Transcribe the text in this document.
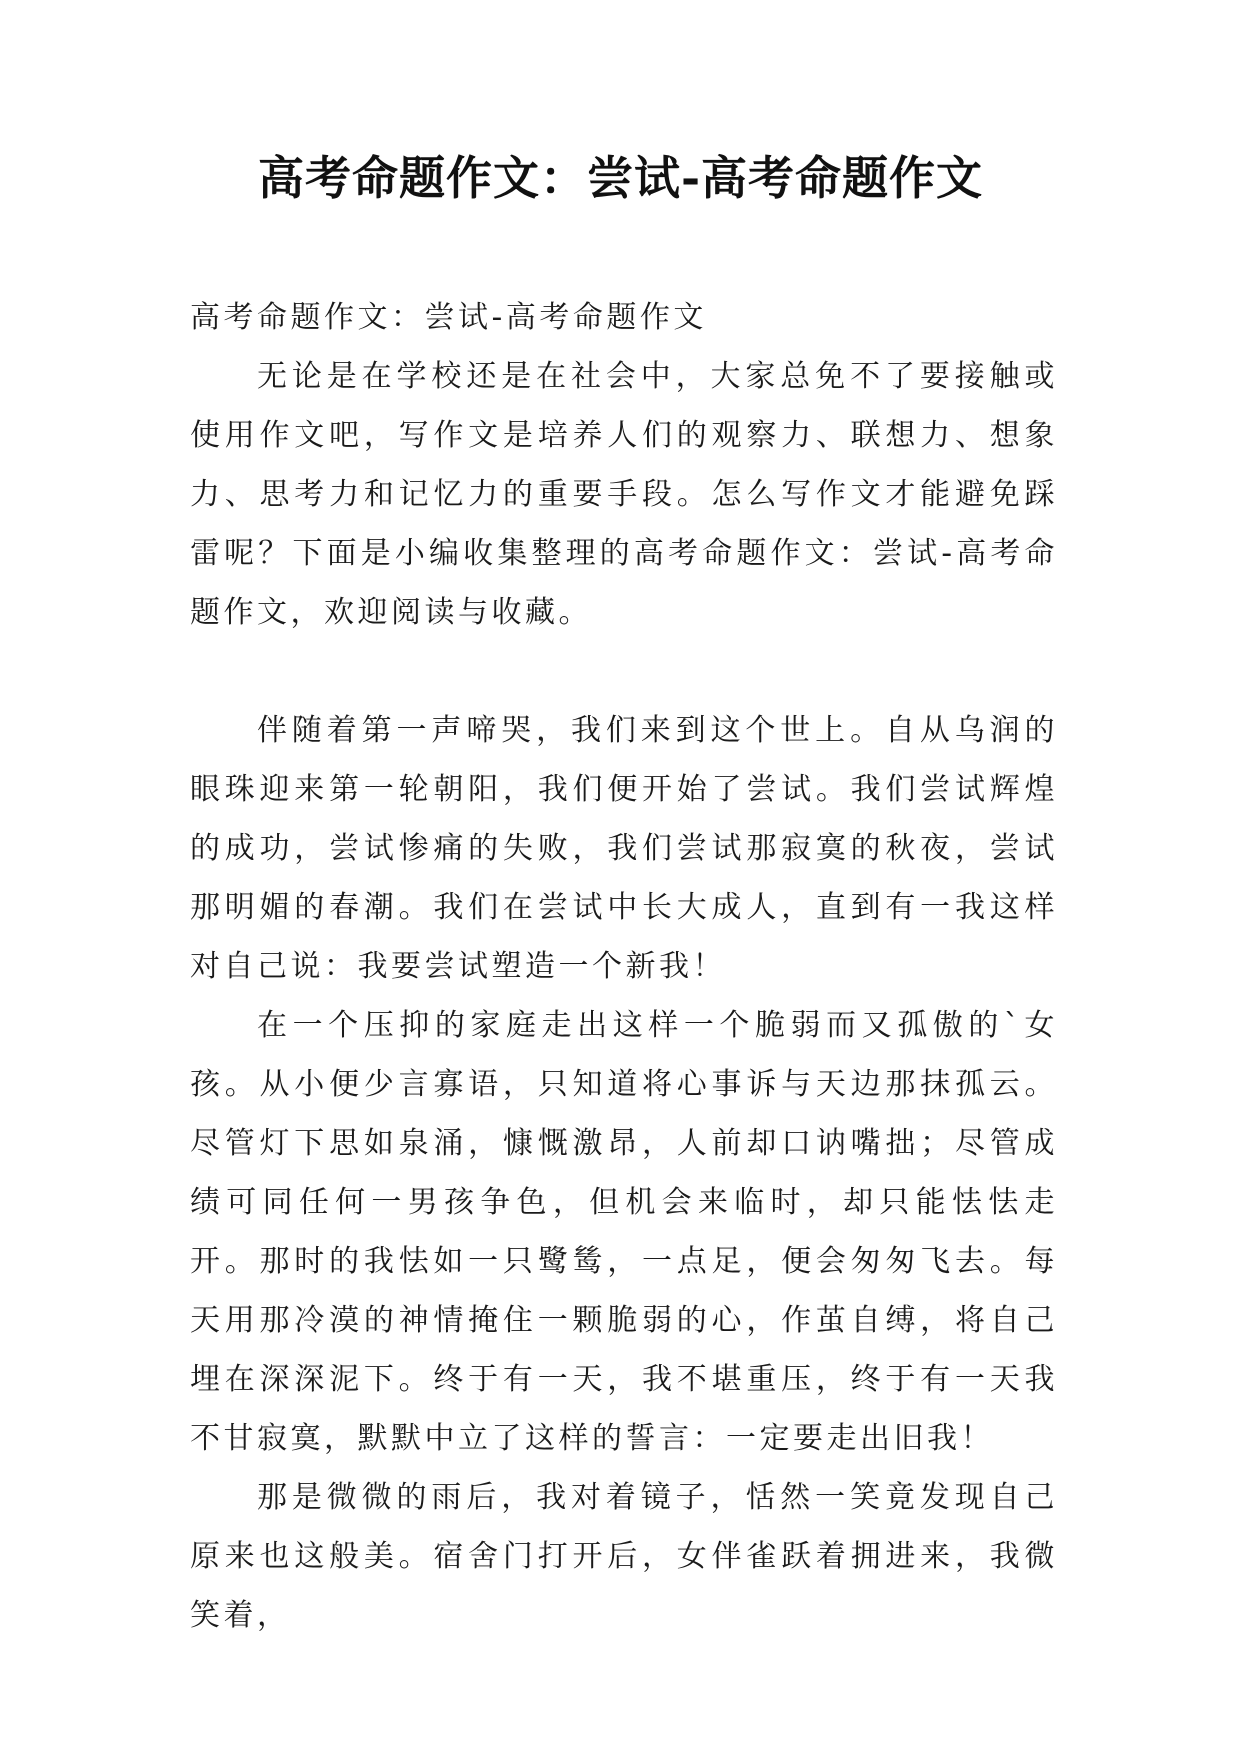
高考命题作文：尝试-高考命题作文

高考命题作文：尝试-高考命题作文

无论是在学校还是在社会中，大家总免不了要接触或使用作文吧，写作文是培养人们的观察力、联想力、想象力、思考力和记忆力的重要手段。怎么写作文才能避免踩雷呢？下面是小编收集整理的高考命题作文：尝试-高考命题作文，欢迎阅读与收藏。

伴随着第一声啼哭，我们来到这个世上。自从乌润的眼珠迎来第一轮朝阳，我们便开始了尝试。我们尝试辉煌的成功，尝试惨痛的失败，我们尝试那寂寞的秋夜，尝试那明媚的春潮。我们在尝试中长大成人，直到有一我这样对自己说：我要尝试塑造一个新我！

在一个压抑的家庭走出这样一个脆弱而又孤傲的`女孩。从小便少言寡语，只知道将心事诉与天边那抹孤云。尽管灯下思如泉涌，慷慨激昂，人前却口讷嘴拙；尽管成绩可同任何一男孩争色，但机会来临时，却只能怯怯走开。那时的我怯如一只鹭鸶，一点足，便会匆匆飞去。每天用那冷漠的神情掩住一颗脆弱的心，作茧自缚，将自己埋在深深泥下。终于有一天，我不堪重压，终于有一天我不甘寂寞，默默中立了这样的誓言：一定要走出旧我！

那是微微的雨后，我对着镜子，恬然一笑竟发现自己原来也这般美。宿舍门打开后，女伴雀跃着拥进来，我微笑着，
